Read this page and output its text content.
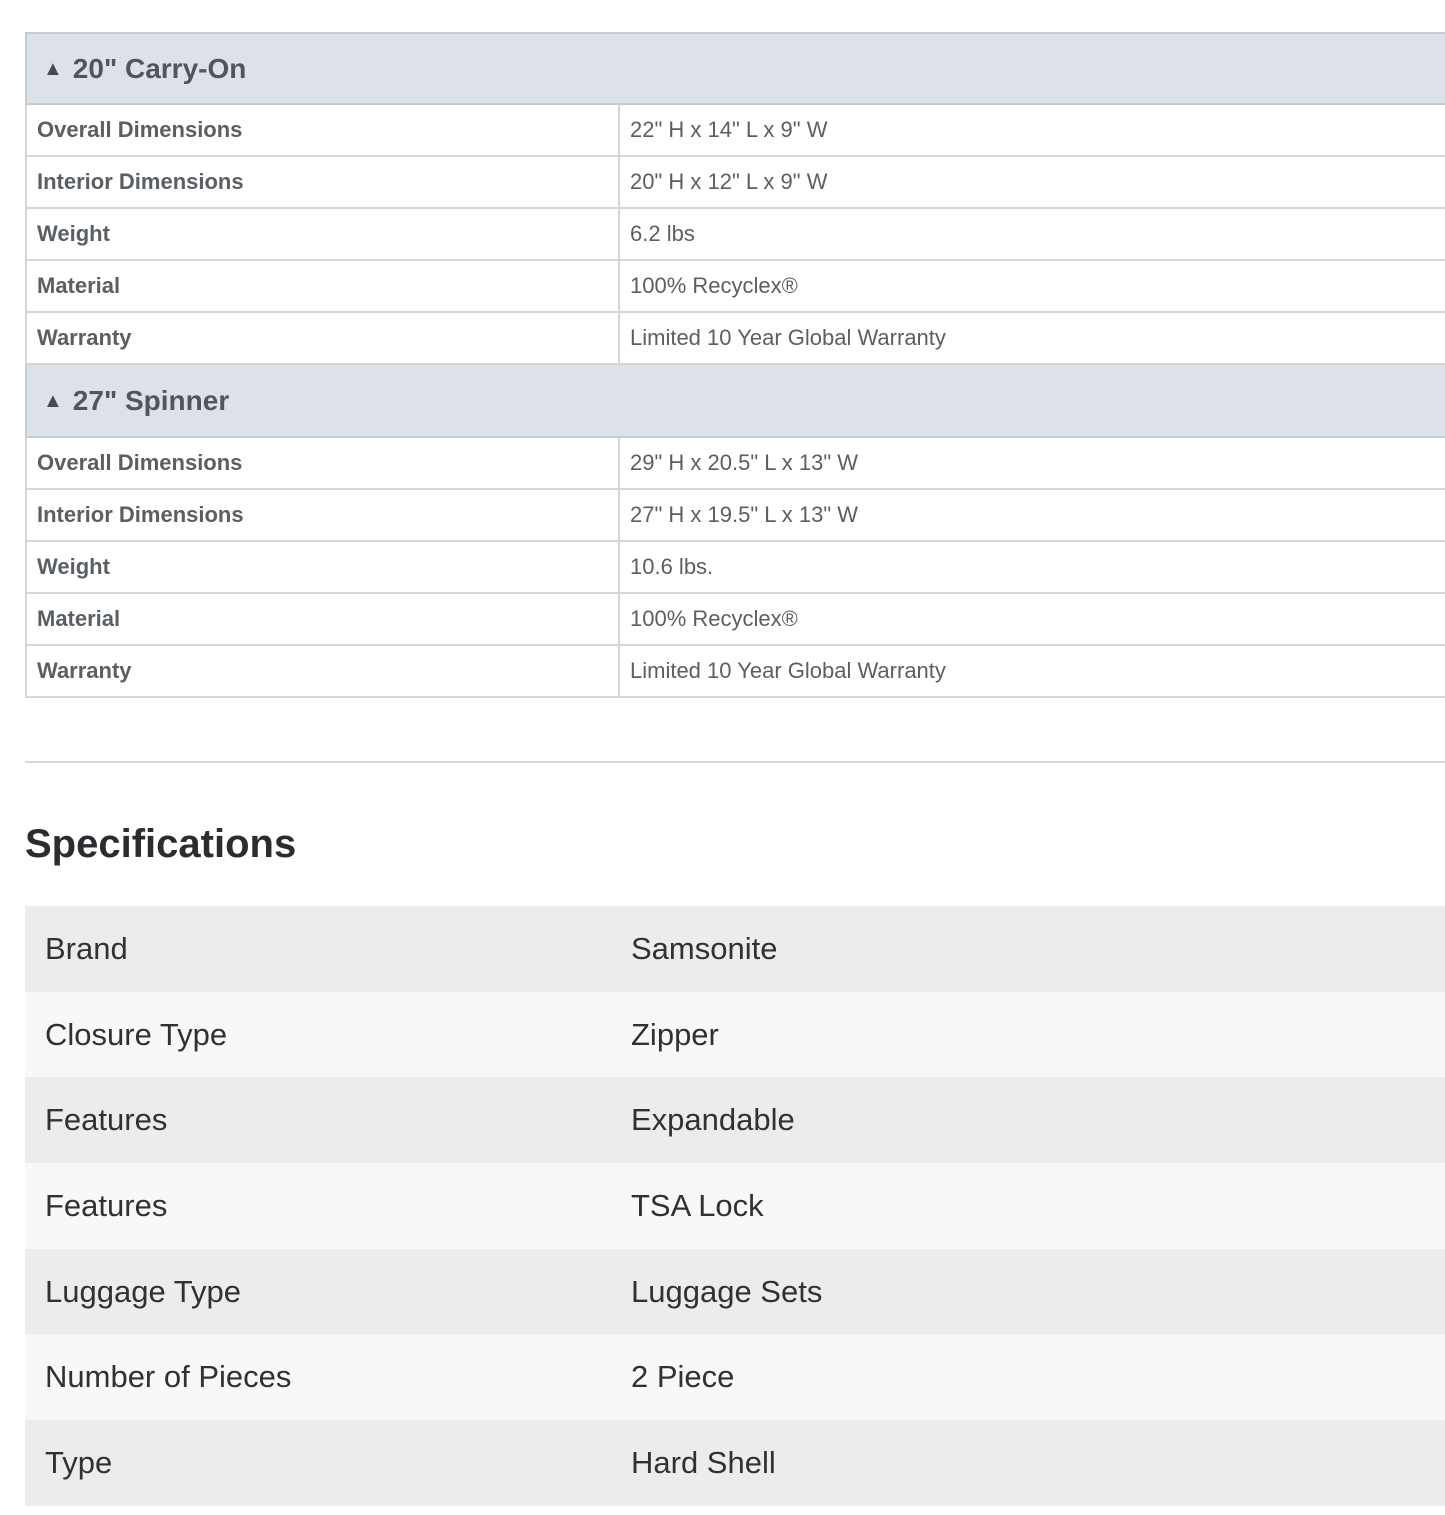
▲ 20" Carry-On
Overall Dimensions	22" H x 14" L x 9" W
Interior Dimensions	20" H x 12" L x 9" W
Weight	6.2 lbs
Material	100% Recyclex®
Warranty	Limited 10 Year Global Warranty
▲ 27" Spinner
Overall Dimensions	29" H x 20.5" L x 13" W
Interior Dimensions	27" H x 19.5" L x 13" W
Weight	10.6 lbs.
Material	100% Recyclex®
Warranty	Limited 10 Year Global Warranty
Specifications
Brand	Samsonite
Closure Type	Zipper
Features	Expandable
Features	TSA Lock
Luggage Type	Luggage Sets
Number of Pieces	2 Piece
Type	Hard Shell
